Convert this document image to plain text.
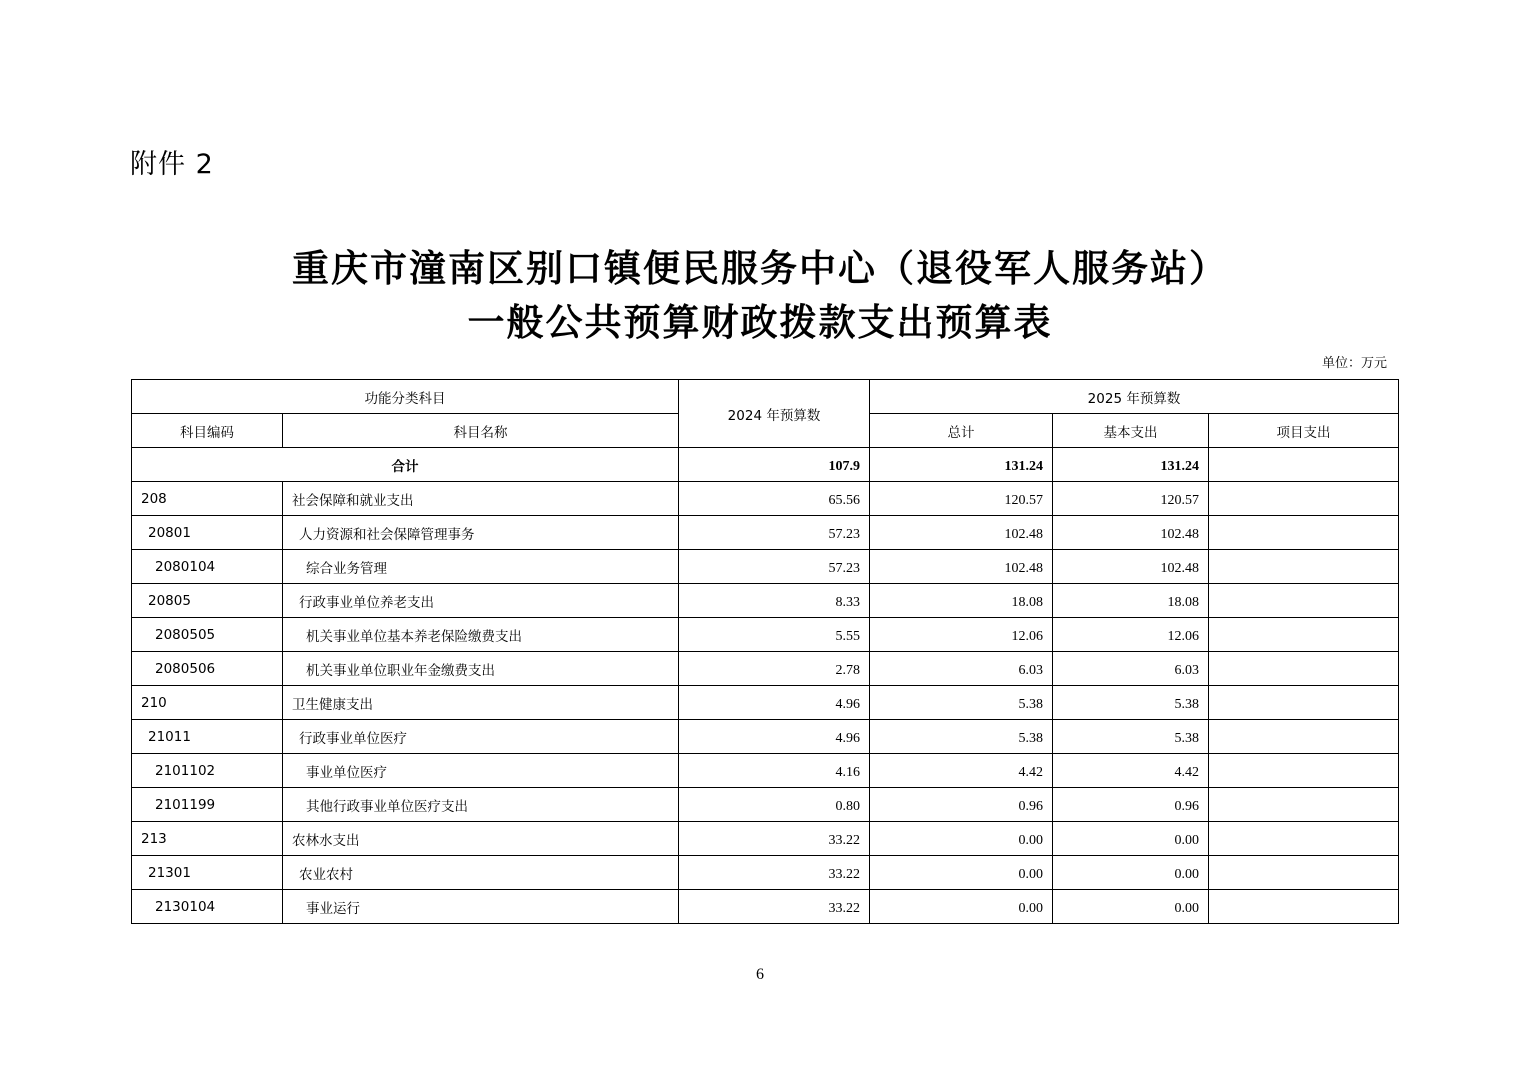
附件 2
重庆市潼南区别口镇便民服务中心（退役军人服务站）
一般公共预算财政拨款支出预算表
单位：万元
功能分类科目		2024 年预算数	2025 年预算数		
科目编码	科目名称		总计	基本支出	项目支出
合计		107.9	131.24	131.24	
208	社会保障和就业支出	65.56	120.57	120.57	
20801	人力资源和社会保障管理事务	57.23	102.48	102.48	
2080104	综合业务管理	57.23	102.48	102.48	
20805	行政事业单位养老支出	8.33	18.08	18.08	
2080505	机关事业单位基本养老保险缴费支出	5.55	12.06	12.06	
2080506	机关事业单位职业年金缴费支出	2.78	6.03	6.03	
210	卫生健康支出	4.96	5.38	5.38	
21011	行政事业单位医疗	4.96	5.38	5.38	
2101102	事业单位医疗	4.16	4.42	4.42	
2101199	其他行政事业单位医疗支出	0.80	0.96	0.96	
213	农林水支出	33.22	0.00	0.00	
21301	农业农村	33.22	0.00	0.00	
2130104	事业运行	33.22	0.00	0.00	
6
